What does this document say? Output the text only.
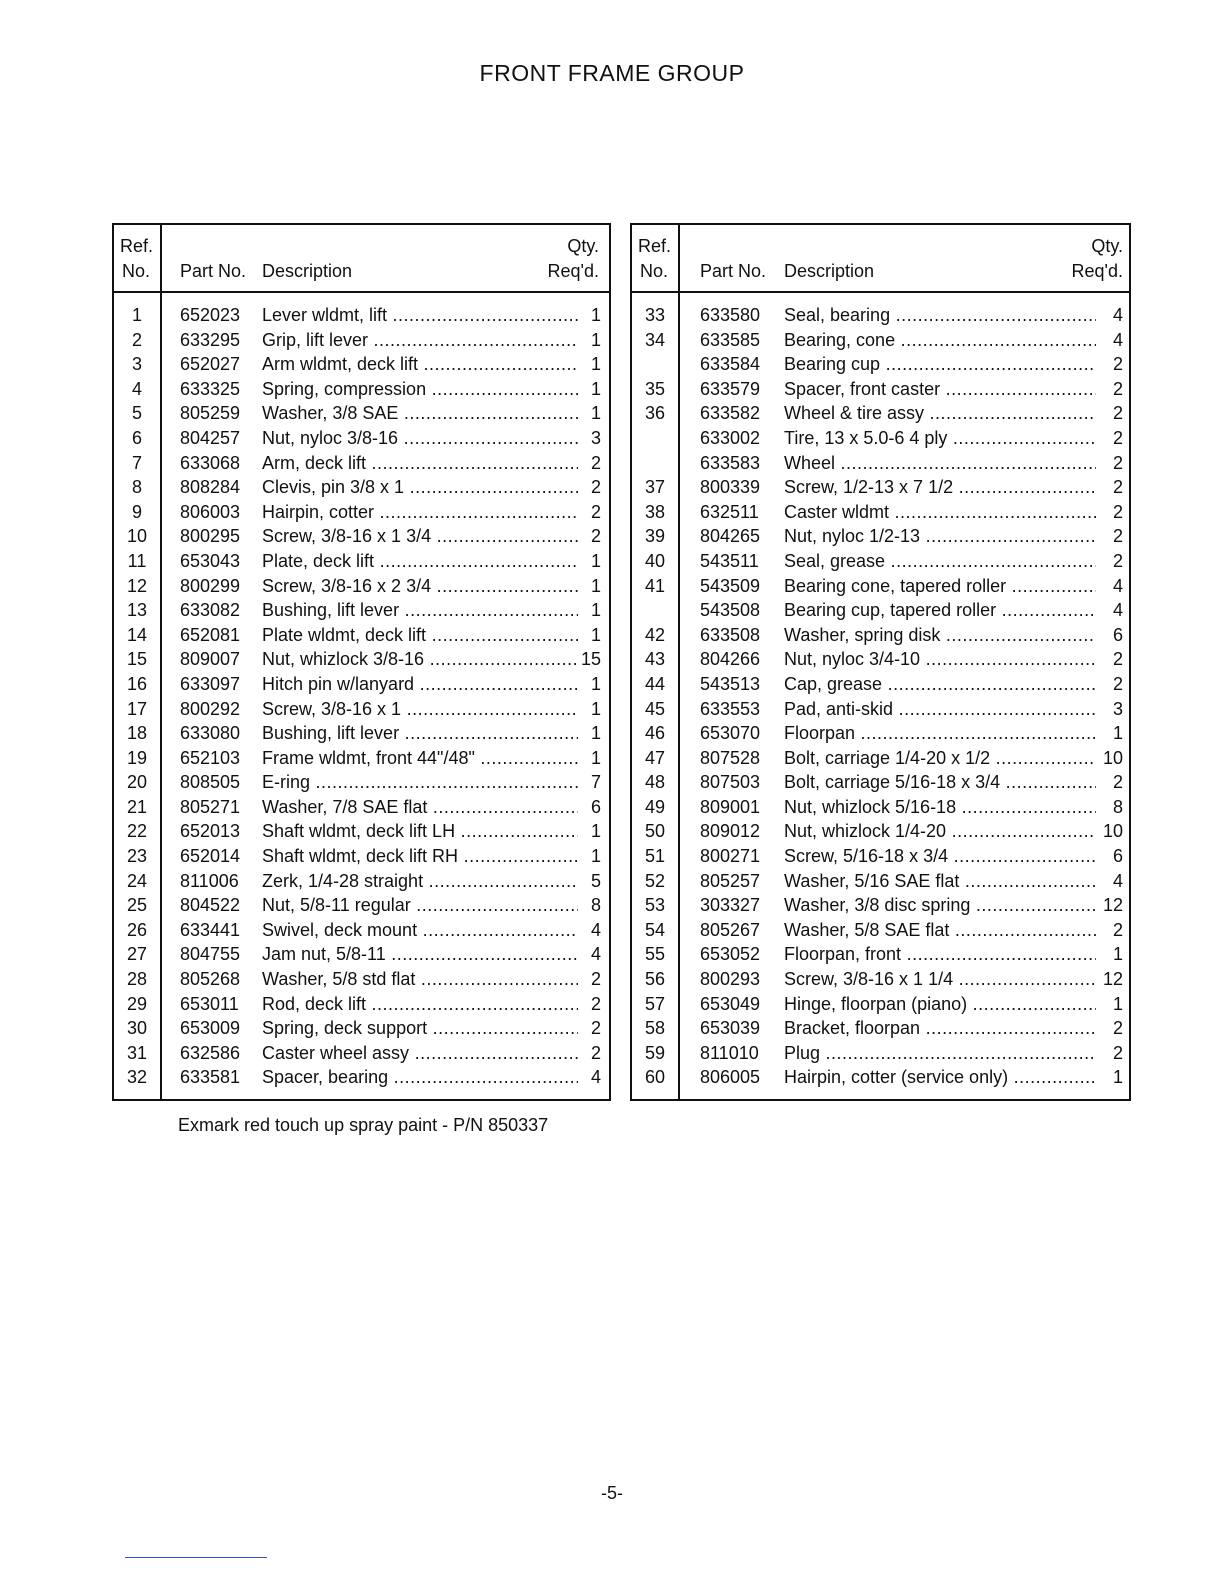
FRONT FRAME GROUP
Ref.
No. Part No. Description
Qty.
Req'd.
1	652023 Lever wldmt, lift .....	1
2	633295 Grip, lift lever .....	1
3	652027 Arm wldmt, deck lift .....	1
4	633325 Spring, compression .....	1
5	805259 Washer, 3/8 SAE .....	1
6	804257 Nut, nyloc 3/8-16 .....	3
7	633068 Arm, deck lift .....	2
8	808284 Clevis, pin 3/8 x 1 .....	2
9	806003 Hairpin, cotter .....	2
10	800295 Screw, 3/8-16 x 1 3/4 .....	2
11	653043 Plate, deck lift .....	1
12	800299 Screw, 3/8-16 x 2 3/4 .....	1
13	633082 Bushing, lift lever .....	1
14	652081 Plate wldmt, deck lift .....	1
15	809007 Nut, whizlock 3/8-16 .....	15
16	633097 Hitch pin w/lanyard .....	1
17	800292 Screw, 3/8-16 x 1 .....	1
18	633080 Bushing, lift lever .....	1
19	652103 Frame wldmt, front 44"/48" .....	1
20	808505 E-ring .....	7
21	805271 Washer, 7/8 SAE flat .....	6
22	652013 Shaft wldmt, deck lift LH .....	1
23	652014 Shaft wldmt, deck lift RH .....	1
24	811006 Zerk, 1/4-28 straight .....	5
25	804522 Nut, 5/8-11 regular .....	8
26	633441 Swivel, deck mount .....	4
27	804755 Jam nut, 5/8-11 .....	4
28	805268 Washer, 5/8 std flat .....	2
29	653011 Rod, deck lift .....	2
30	653009 Spring, deck support .....	2
31	632586 Caster wheel assy .....	2
32	633581 Spacer, bearing .....	4
Ref.
No. Part No. Description
Qty.
Req'd.
33	633580 Seal, bearing .....	4
34	633585 Bearing, cone .....	4
633584 Bearing cup .....	2
35	633579 Spacer, front caster .....	2
36	633582 Wheel & tire assy .....	2
633002 Tire, 13 x 5.0-6 4 ply .....	2
633583 Wheel .....	2
37	800339 Screw, 1/2-13 x 7 1/2 .....	2
38	632511 Caster wldmt .....	2
39	804265 Nut, nyloc 1/2-13 .....	2
40	543511 Seal, grease .....	2
41	543509 Bearing cone, tapered roller .....	4
543508 Bearing cup, tapered roller .....	4
42	633508 Washer, spring disk .....	6
43	804266 Nut, nyloc 3/4-10 .....	2
44	543513 Cap, grease .....	2
45	633553 Pad, anti-skid .....	3
46	653070 Floorpan .....	1
47	807528 Bolt, carriage 1/4-20 x 1/2 .....	10
48	807503 Bolt, carriage 5/16-18 x 3/4 .....	2
49	809001 Nut, whizlock 5/16-18 .....	8
50	809012 Nut, whizlock 1/4-20 .....	10
51	800271 Screw, 5/16-18 x 3/4 .....	6
52	805257 Washer, 5/16 SAE flat .....	4
53	303327 Washer, 3/8 disc spring .....	12
54	805267 Washer, 5/8 SAE flat .....	2
55	653052 Floorpan, front .....	1
56	800293 Screw, 3/8-16 x 1 1/4 .....	12
57	653049 Hinge, floorpan (piano) .....	1
58	653039 Bracket, floorpan .....	2
59	811010 Plug .....	2
60	806005 Hairpin, cotter (service only) .....	1
Exmark red touch up spray paint - P/N 850337
-5-
